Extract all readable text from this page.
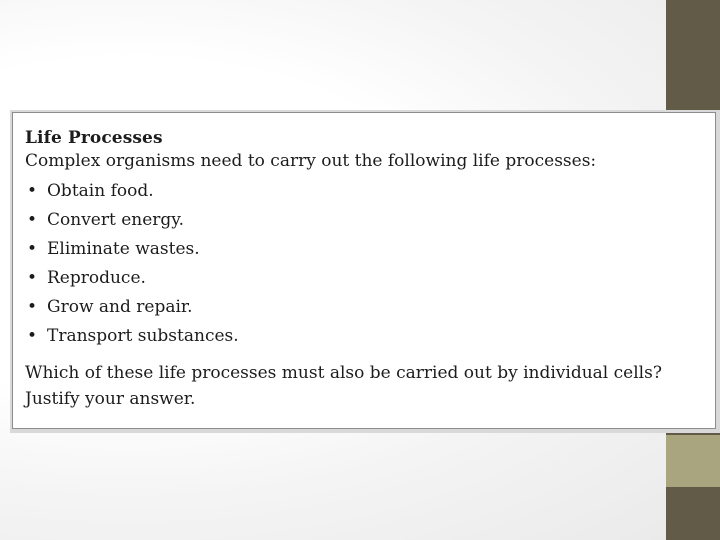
Life Processes
Complex organisms need to carry out the following life processes:
• Obtain food.
• Convert energy.
• Eliminate wastes.
• Reproduce.
• Grow and repair.
• Transport substances.
Which of these life processes must also be carried out by individual cells?
Justify your answer.
